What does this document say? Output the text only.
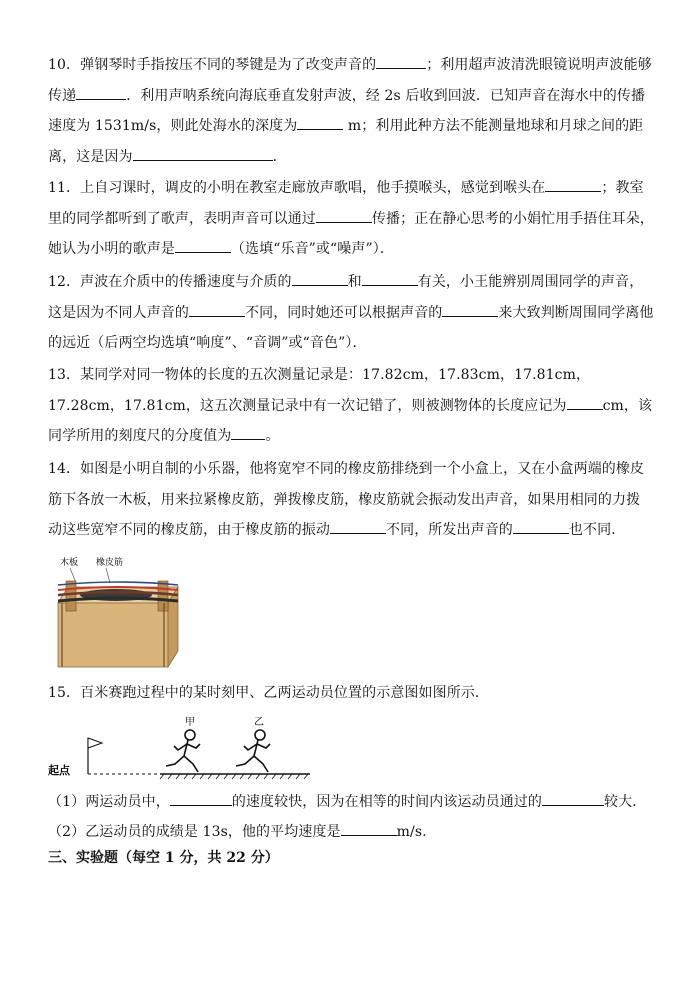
10．弹钢琴时手指按压不同的琴键是为了改变声音的	；利用超声波清洗眼镜说明声波能够传递	．利用声呐系统向海底垂直发射声波，经 2s 后收到回波．已知声音在海水中的传播速度为 1531m/s，则此处海水的深度为	m；利用此种方法不能测量地球和月球之间的距离，这是因为	．
11．上自习课时，调皮的小明在教室走廊放声歌唱，他手摸喉头，感觉到喉头在	；教室里的同学都听到了歌声，表明声音可以通过	传播；正在静心思考的小娟忙用手捂住耳朵，她认为小明的歌声是	（选填“乐音”或“噪声”）．
12．声波在介质中的传播速度与介质的	和	有关，小王能辨别周围同学的声音，这是因为不同人声音的	不同，同时她还可以根据声音的	来大致判断周围同学离他的远近（后两空均选填“响度”、“音调”或“音色”）．
13．某同学对同一物体的长度的五次测量记录是：17.82cm，17.83cm，17.81cm，17.28cm，17.81cm，这五次测量记录中有一次记错了，则被测物体的长度应记为	cm，该同学所用的刻度尺的分度值为 。
14．如图是小明自制的小乐器，他将宽窄不同的橡皮筋排绕到一个小盒上，又在小盒两端的橡皮筋下各放一木板，用来拉紧橡皮筋，弹拨橡皮筋，橡皮筋就会振动发出声音，如果用相同的力拨动这些宽窄不同的橡皮筋，由于橡皮筋的振动	不同，所发出声音的	也不同．
木板 橡皮筋
15．百米赛跑过程中的某时刻甲、乙两运动员位置的示意图如图所示．
起点
甲	乙
（1）两运动员中，	的速度较快，因为在相等的时间内该运动员通过的	较大．
（2）乙运动员的成绩是 13s，他的平均速度是	m/s.
三、实验题（每空 1 分，共 22 分）
